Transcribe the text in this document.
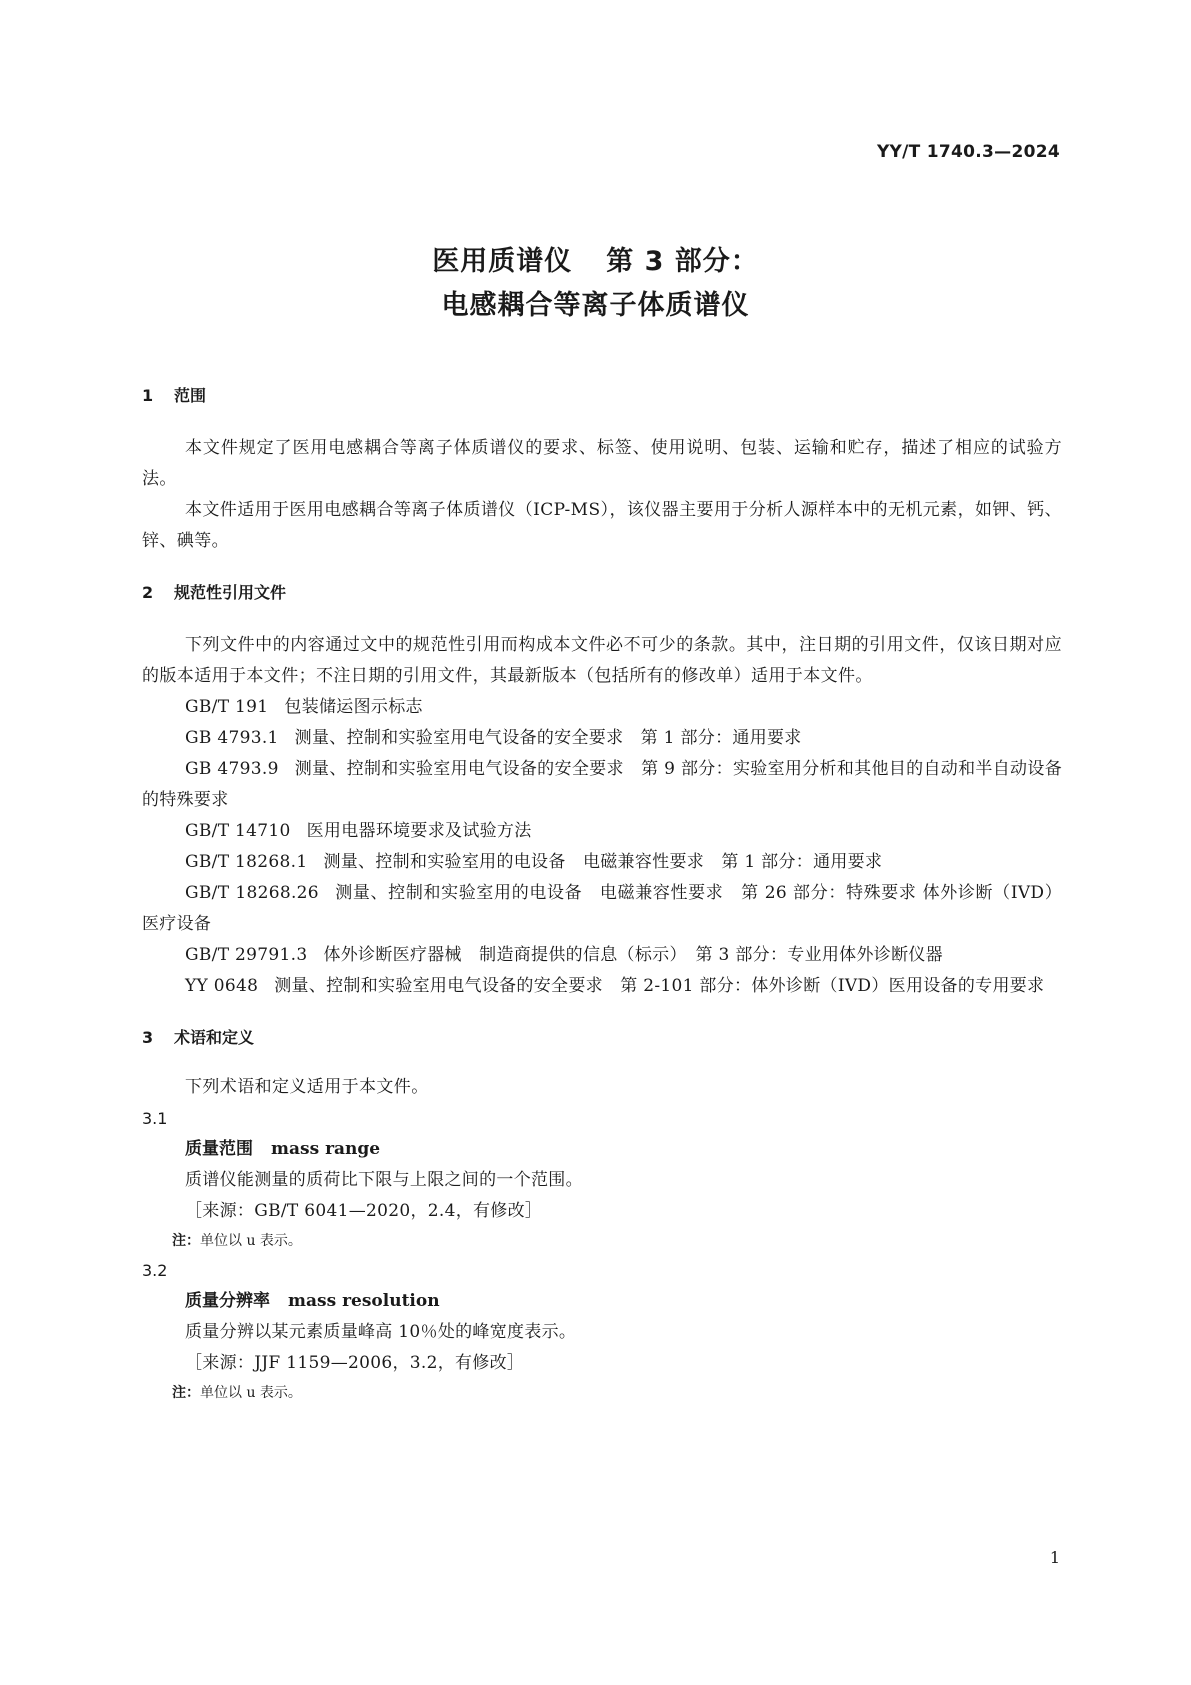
YY/T 1740.3—2024
医用质谱仪 第 3 部分：
电感耦合等离子体质谱仪
1 范围

本文件规定了医用电感耦合等离子体质谱仪的要求、标签、使用说明、包装、运输和贮存，描述了相应的试验方法。

本文件适用于医用电感耦合等离子体质谱仪（ICP-MS），该仪器主要用于分析人源样本中的无机元素，如钾、钙、锌、碘等。

2 规范性引用文件

下列文件中的内容通过文中的规范性引用而构成本文件必不可少的条款。其中，注日期的引用文件，仅该日期对应的版本适用于本文件；不注日期的引用文件，其最新版本（包括所有的修改单）适用于本文件。

GB/T 191 包装储运图示标志

GB 4793.1 测量、控制和实验室用电气设备的安全要求　第 1 部分：通用要求

GB 4793.9 测量、控制和实验室用电气设备的安全要求　第 9 部分：实验室用分析和其他目的自动和半自动设备的特殊要求

GB/T 14710 医用电器环境要求及试验方法

GB/T 18268.1 测量、控制和实验室用的电设备　电磁兼容性要求　第 1 部分：通用要求

GB/T 18268.26 测量、控制和实验室用的电设备　电磁兼容性要求　第 26 部分：特殊要求 体外诊断（IVD）医疗设备

GB/T 29791.3 体外诊断医疗器械　制造商提供的信息（标示）　第 3 部分：专业用体外诊断仪器

YY 0648 测量、控制和实验室用电气设备的安全要求　第 2-101 部分：体外诊断（IVD）医用设备的专用要求

3 术语和定义

下列术语和定义适用于本文件。

3.1
质量范围 mass range
质谱仪能测量的质荷比下限与上限之间的一个范围。
［来源：GB/T 6041—2020，2.4，有修改］
注：单位以 u 表示。
3.2
质量分辨率 mass resolution
质量分辨以某元素质量峰高 10％处的峰宽度表示。
［来源：JJF 1159—2006，3.2，有修改］
注：单位以 u 表示。
1
